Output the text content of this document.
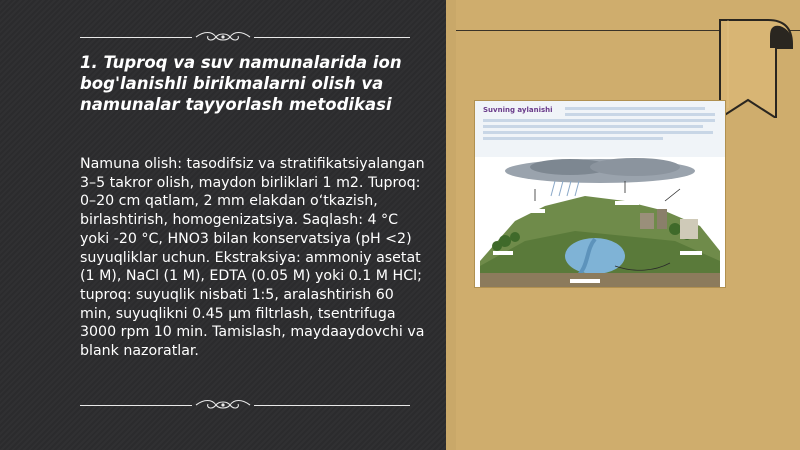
1. Tuproq va suv namunalarida ion bog'lanishli birikmalarni olish va namunalar tayyorlash metodikasi
Namuna olish: tasodifsiz va stratifikatsiyalangan 3–5 takror olish, maydon birliklari 1 m2. Tuproq: 0–20 cm qatlam, 2 mm elakdan o‘tkazish, birlashtirish, homogenizatsiya. Saqlash: 4 °C yoki -20 °C, HNO3 bilan konservatsiya (pH <2) suyuqliklar uchun. Ekstraksiya: ammoniy asetat (1 M), NaCl (1 M), EDTA (0.05 M) yoki 0.1 M HCl; tuproq: suyuqlik nisbati 1:5, aralashtirish 60 min, suyuqlikni 0.45 µm filtrlash, tsentrifuga 3000 rpm 10 min. Tamislash, maydaaydovchi va blank nazoratlar.
Suvning aylanishi
